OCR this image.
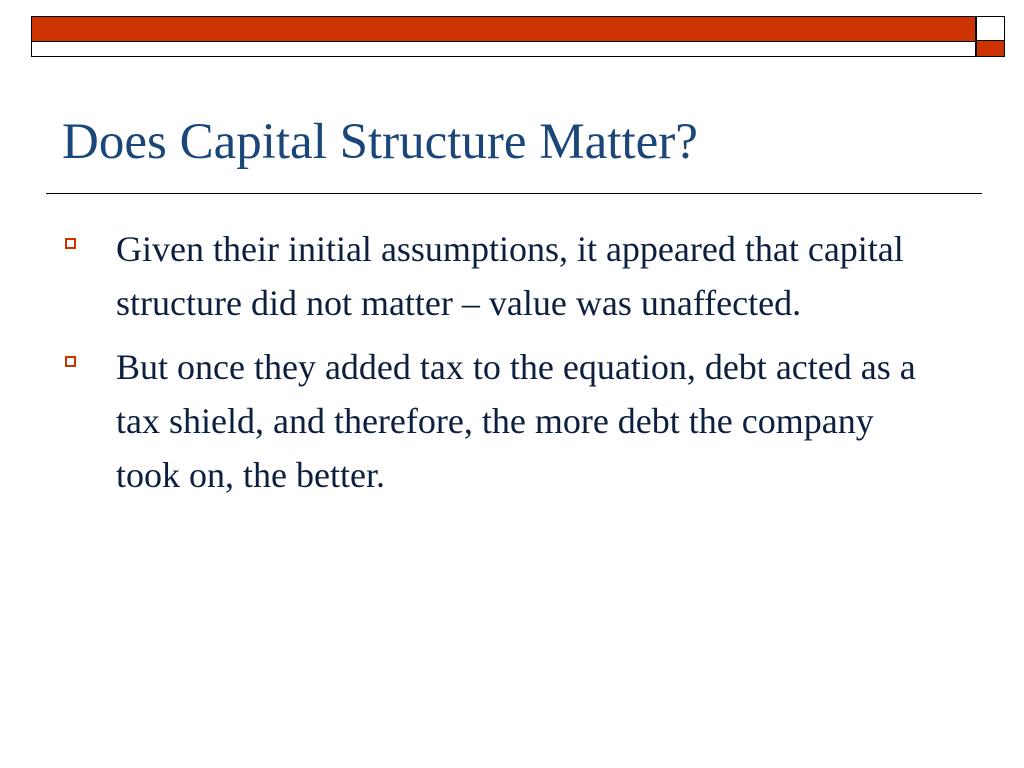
Does Capital Structure Matter?
Given their initial assumptions, it appeared that capital structure did not matter – value was unaffected.
But once they added tax to the equation, debt acted as a tax shield, and therefore, the more debt the company took on, the better.
